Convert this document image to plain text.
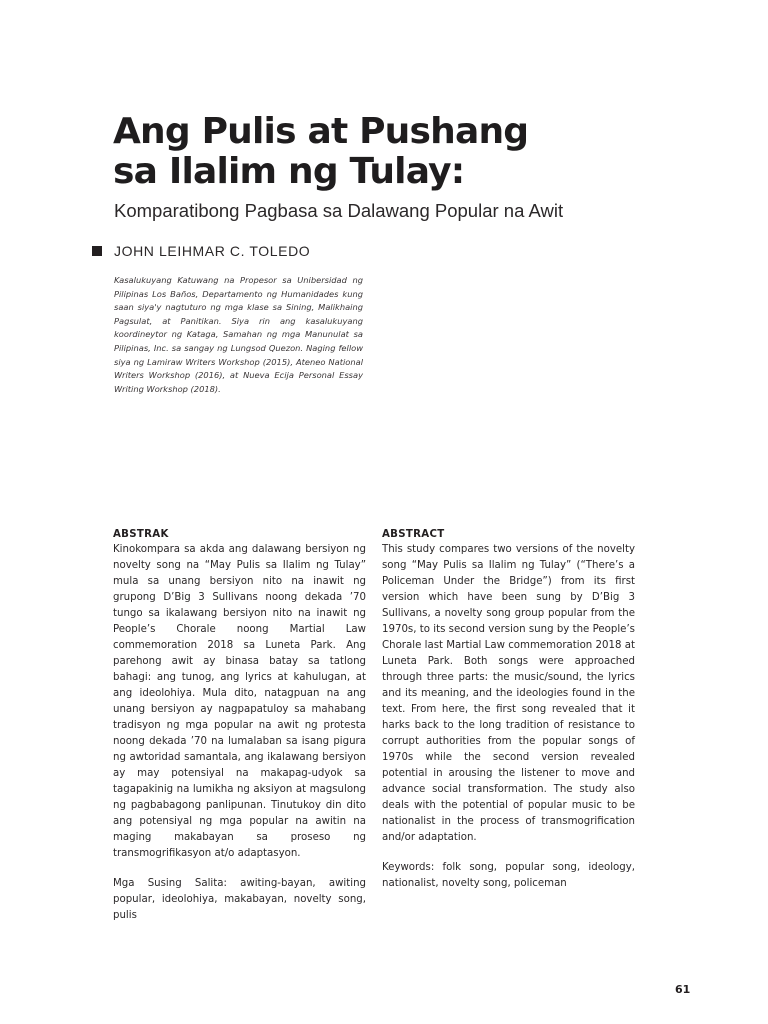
Ang Pulis at Pushang
sa Ilalim ng Tulay:
Komparatibong Pagbasa sa Dalawang Popular na Awit
JOHN LEIHMAR C. TOLEDO
Kasalukuyang Katuwang na Propesor sa Unibersidad ng Pilipinas Los Baños, Departamento ng Humanidades kung saan siya'y nagtuturo ng mga klase sa Sining, Malikhaing Pagsulat, at Panitikan. Siya rin ang kasalukuyang koordineytor ng Kataga, Samahan ng mga Manunulat sa Pilipinas, Inc. sa sangay ng Lungsod Quezon. Naging fellow siya ng Lamiraw Writers Workshop (2015), Ateneo National Writers Workshop (2016), at Nueva Ecija Personal Essay Writing Workshop (2018).
ABSTRAK

Kinokompara sa akda ang dalawang bersiyon ng novelty song na “May Pulis sa Ilalim ng Tulay” mula sa unang bersiyon nito na inawit ng grupong D’Big 3 Sullivans noong dekada ’70 tungo sa ikalawang bersiyon nito na inawit ng People’s Chorale noong Martial Law commemoration 2018 sa Luneta Park. Ang parehong awit ay binasa batay sa tatlong bahagi: ang tunog, ang lyrics at kahulugan, at ang ideolohiya. Mula dito, natagpuan na ang unang bersiyon ay nagpapatuloy sa mahabang tradisyon ng mga popular na awit ng protesta noong dekada ’70 na lumalaban sa isang pigura ng awtoridad samantala, ang ikalawang bersiyon ay may potensiyal na makapag-udyok sa tagapakinig na lumikha ng aksiyon at magsulong ng pagbabagong panlipunan. Tinutukoy din dito ang potensiyal ng mga popular na awitin na maging makabayan sa proseso ng transmogrifikasyon at/o adaptasyon.

Mga Susing Salita: awiting-bayan, awiting popular, ideolohiya, makabayan, novelty song, pulis

ABSTRACT

This study compares two versions of the novelty song “May Pulis sa Ilalim ng Tulay” (“There’s a Policeman Under the Bridge”) from its first version which have been sung by D’Big 3 Sullivans, a novelty song group popular from the 1970s, to its second version sung by the People’s Chorale last Martial Law commemoration 2018 at Luneta Park. Both songs were approached through three parts: the music/sound, the lyrics and its meaning, and the ideologies found in the text. From here, the first song revealed that it harks back to the long tradition of resistance to corrupt authorities from the popular songs of 1970s while the second version revealed potential in arousing the listener to move and advance social transformation. The study also deals with the potential of popular music to be nationalist in the process of transmogrification and/or adaptation.

Keywords: folk song, popular song, ideology, nationalist, novelty song, policeman

61
